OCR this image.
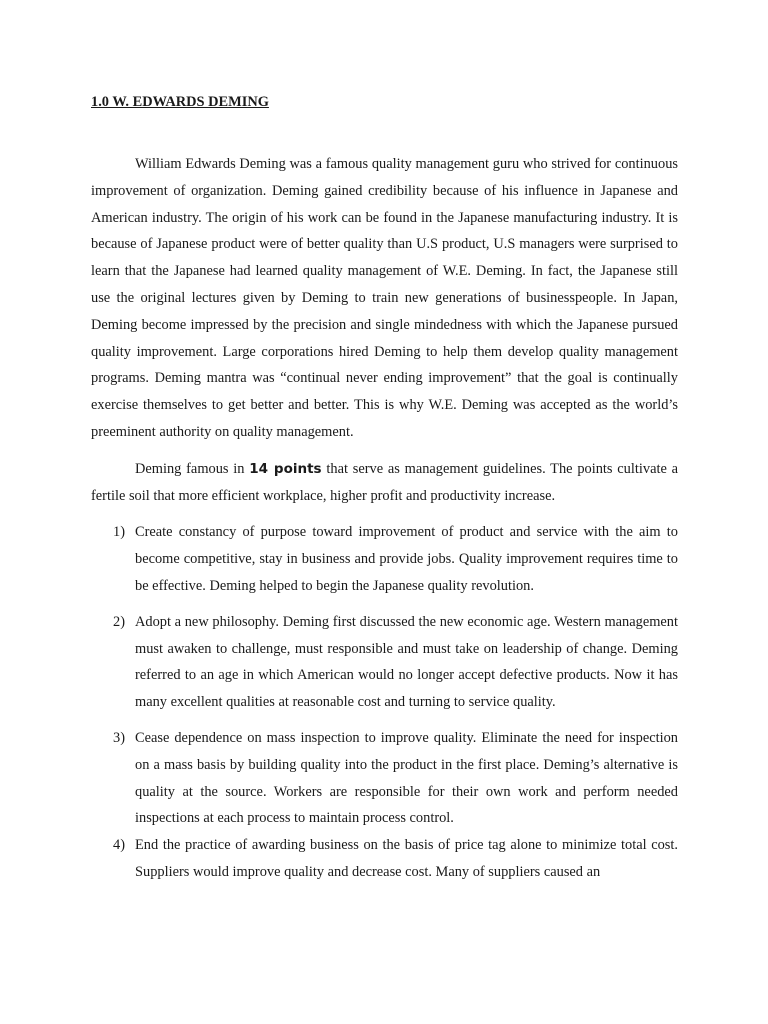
1.0 W. EDWARDS DEMING

William Edwards Deming was a famous quality management guru who strived for continuous improvement of organization. Deming gained credibility because of his influence in Japanese and American industry. The origin of his work can be found in the Japanese manufacturing industry. It is because of Japanese product were of better quality than U.S product, U.S managers were surprised to learn that the Japanese had learned quality management of W.E. Deming. In fact, the Japanese still use the original lectures given by Deming to train new generations of businesspeople. In Japan, Deming become impressed by the precision and single mindedness with which the Japanese pursued quality improvement. Large corporations hired Deming to help them develop quality management programs. Deming mantra was “continual never ending improvement” that the goal is continually exercise themselves to get better and better. This is why W.E. Deming was accepted as the world’s preeminent authority on quality management.

Deming famous in 14 points that serve as management guidelines. The points cultivate a fertile soil that more efficient workplace, higher profit and productivity increase.

1) Create constancy of purpose toward improvement of product and service with the aim to become competitive, stay in business and provide jobs. Quality improvement requires time to be effective. Deming helped to begin the Japanese quality revolution.
2) Adopt a new philosophy. Deming first discussed the new economic age. Western management must awaken to challenge, must responsible and must take on leadership of change. Deming referred to an age in which American would no longer accept defective products. Now it has many excellent qualities at reasonable cost and turning to service quality.
3) Cease dependence on mass inspection to improve quality. Eliminate the need for inspection on a mass basis by building quality into the product in the first place. Deming’s alternative is quality at the source. Workers are responsible for their own work and perform needed inspections at each process to maintain process control.
4) End the practice of awarding business on the basis of price tag alone to minimize total cost. Suppliers would improve quality and decrease cost. Many of suppliers caused an
